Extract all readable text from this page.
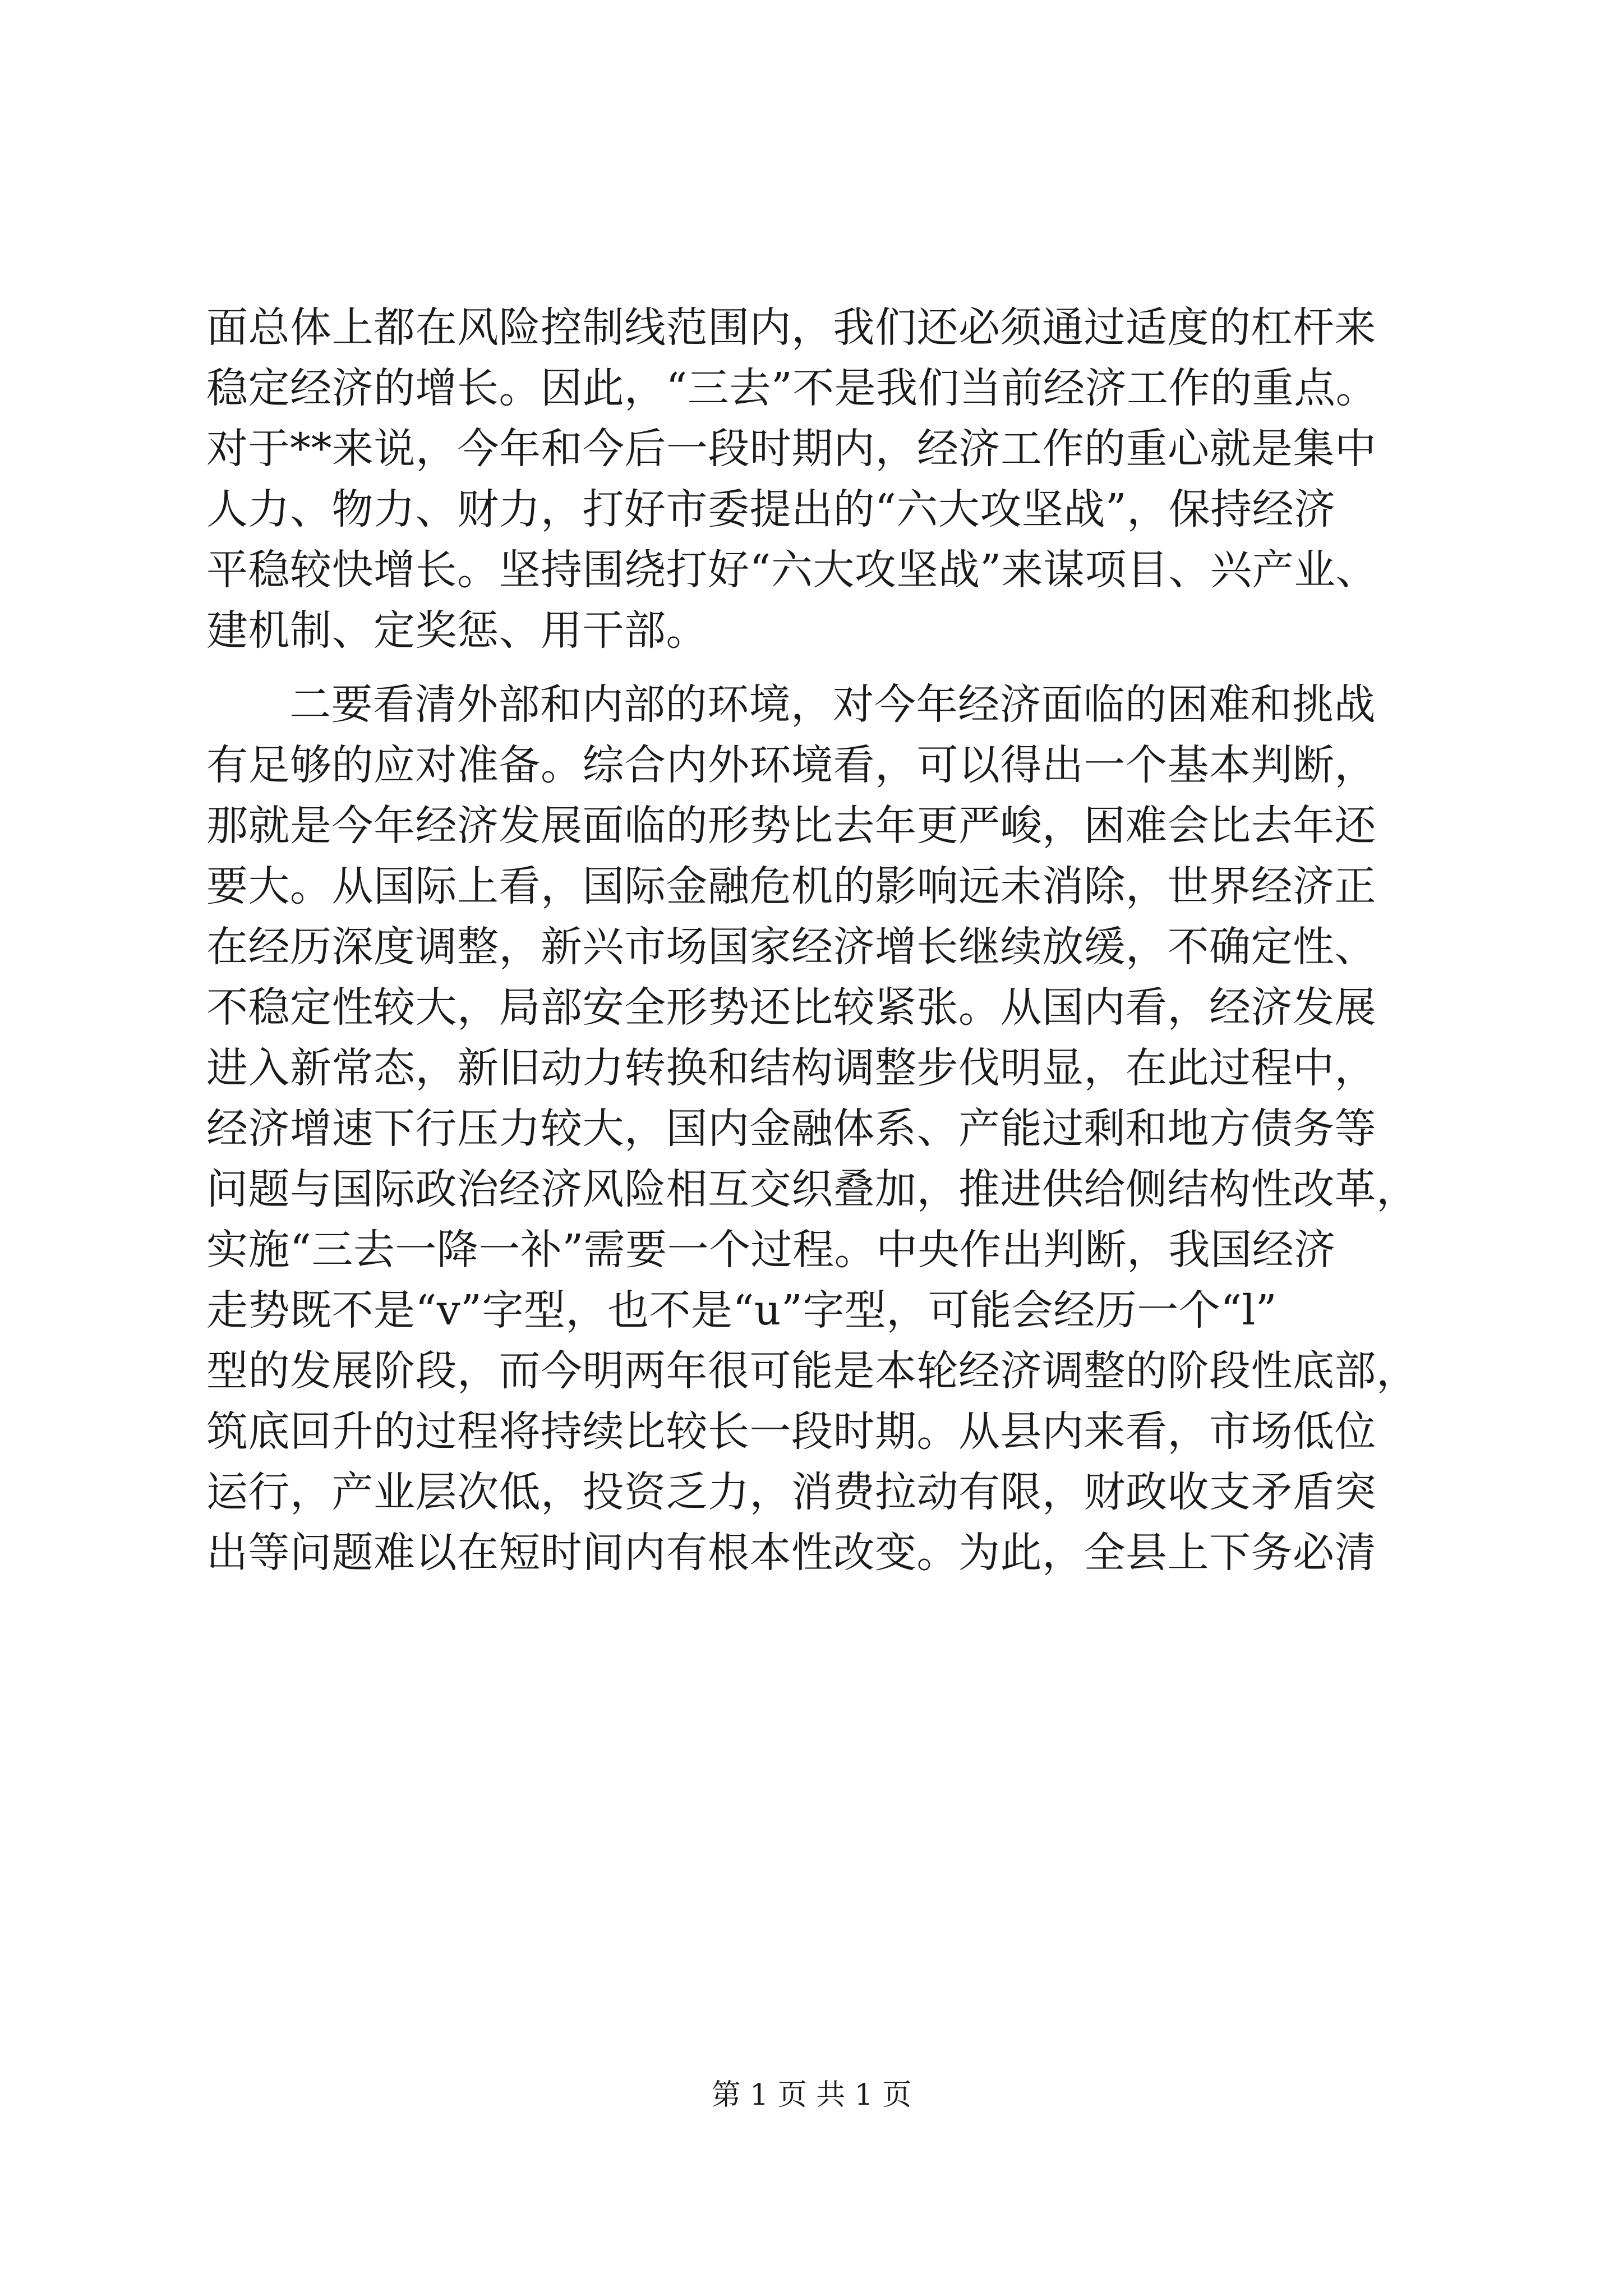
面总体上都在风险控制线范围内，我们还必须通过适度的杠杆来
稳定经济的增长。因此，“三去”不是我们当前经济工作的重点。
对于**来说，今年和今后一段时期内，经济工作的重心就是集中
人力、物力、财力，打好市委提出的“六大攻坚战”，保持经济
平稳较快增长。坚持围绕打好“六大攻坚战”来谋项目、兴产业、
建机制、定奖惩、用干部。
二要看清外部和内部的环境，对今年经济面临的困难和挑战
有足够的应对准备。综合内外环境看，可以得出一个基本判断，
那就是今年经济发展面临的形势比去年更严峻，困难会比去年还
要大。从国际上看，国际金融危机的影响远未消除，世界经济正
在经历深度调整，新兴市场国家经济增长继续放缓，不确定性、
不稳定性较大，局部安全形势还比较紧张。从国内看，经济发展
进入新常态，新旧动力转换和结构调整步伐明显，在此过程中，
经济增速下行压力较大，国内金融体系、产能过剩和地方债务等
问题与国际政治经济风险相互交织叠加，推进供给侧结构性改革，
实施“三去一降一补”需要一个过程。中央作出判断，我国经济
走势既不是“v”字型，也不是“u”字型，可能会经历一个“l”
型的发展阶段，而今明两年很可能是本轮经济调整的阶段性底部，
筑底回升的过程将持续比较长一段时期。从县内来看，市场低位
运行，产业层次低，投资乏力，消费拉动有限，财政收支矛盾突
出等问题难以在短时间内有根本性改变。为此，全县上下务必清
第 1 页 共 1 页
